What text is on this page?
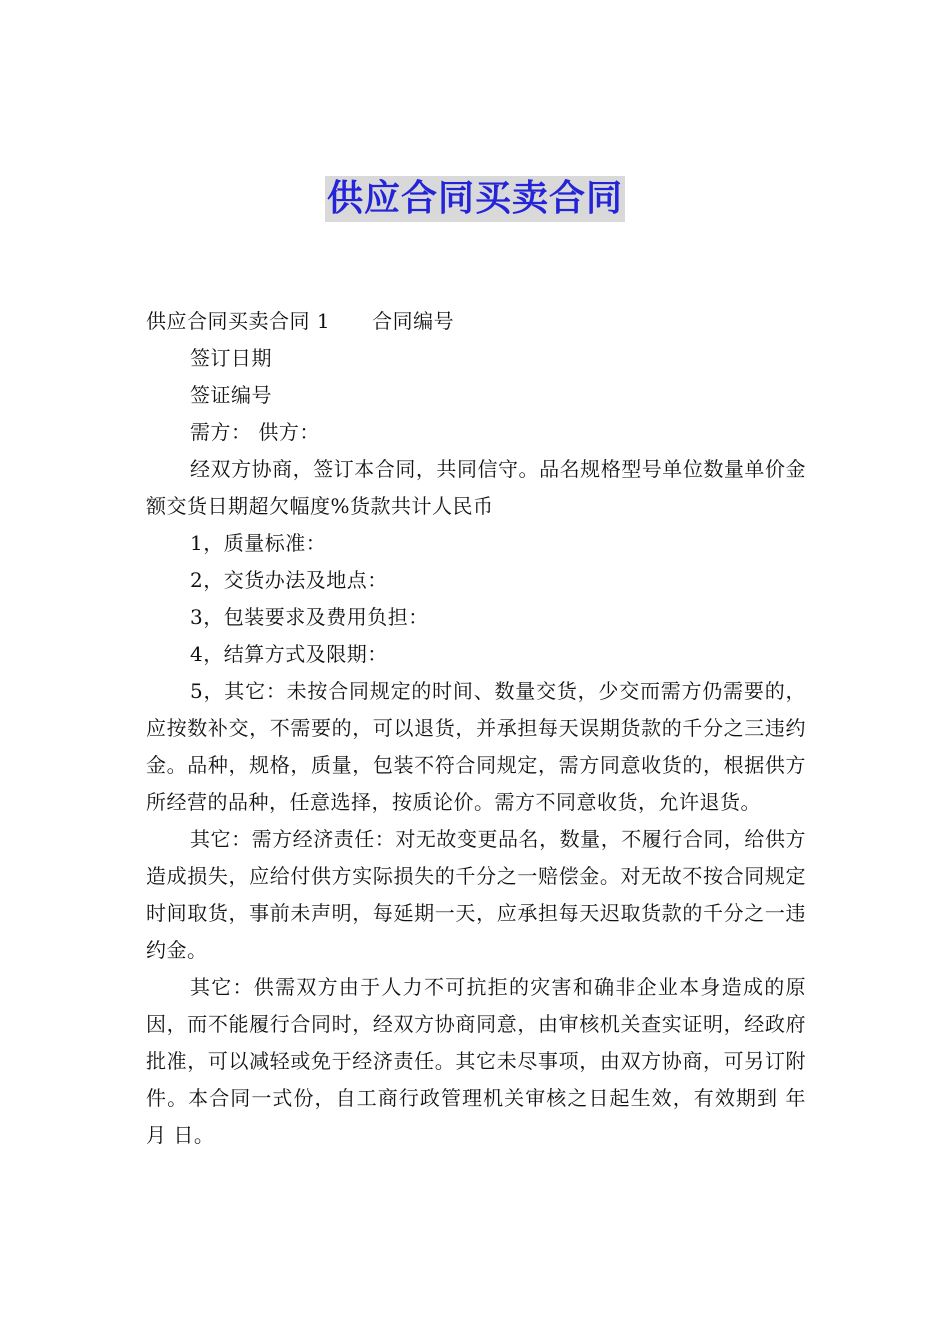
供应合同买卖合同

供应合同买卖合同 1 合同编号

签订日期

签证编号

需方： 供方：

经双方协商，签订本合同，共同信守。品名规格型号单位数量单价金额交货日期超欠幅度%货款共计人民币

1，质量标准：

2，交货办法及地点：

3，包装要求及费用负担：

4，结算方式及限期：

5，其它：未按合同规定的时间、数量交货，少交而需方仍需要的，应按数补交，不需要的，可以退货，并承担每天误期货款的千分之三违约金。品种，规格，质量，包装不符合同规定，需方同意收货的，根据供方所经营的品种，任意选择，按质论价。需方不同意收货，允许退货。

其它：需方经济责任：对无故变更品名，数量，不履行合同，给供方造成损失，应给付供方实际损失的千分之一赔偿金。对无故不按合同规定时间取货，事前未声明，每延期一天，应承担每天迟取货款的千分之一违约金。

其它：供需双方由于人力不可抗拒的灾害和确非企业本身造成的原因，而不能履行合同时，经双方协商同意，由审核机关查实证明，经政府批准，可以减轻或免于经济责任。其它未尽事项，由双方协商，可另订附件。本合同一式份，自工商行政管理机关审核之日起生效，有效期到 年 月 日。
